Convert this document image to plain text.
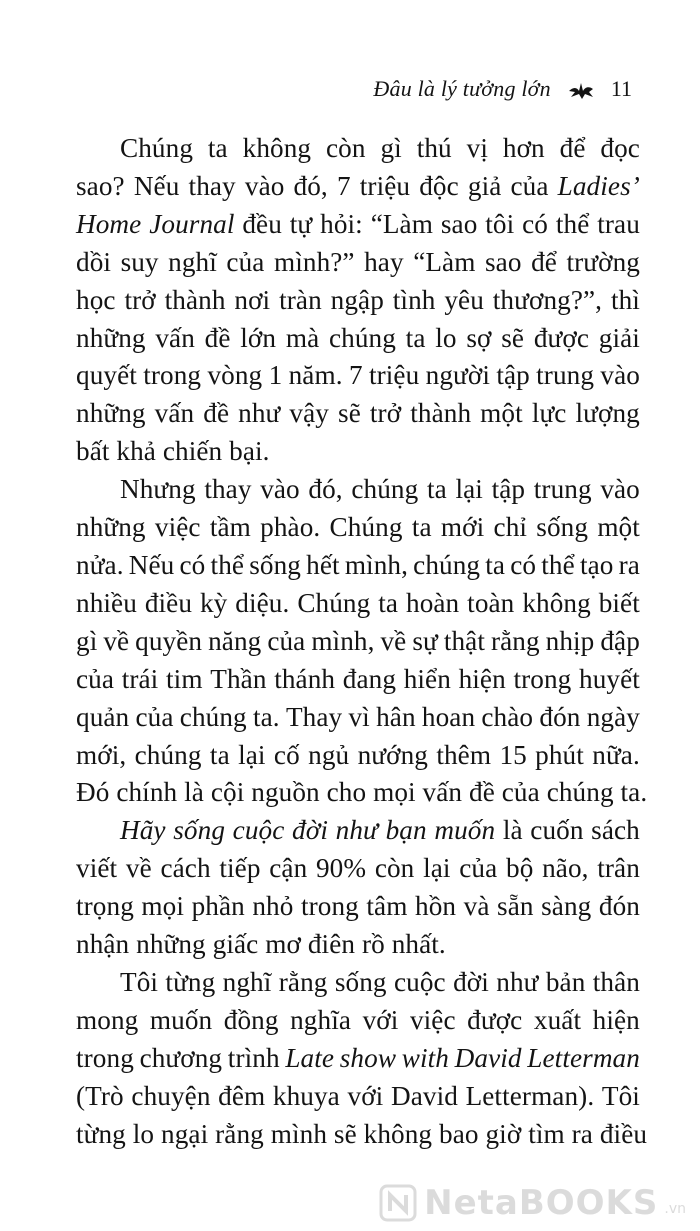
Đâu là lý tưởng lớn	11
Chúng ta không còn gì thú vị hơn để đọc
sao? Nếu thay vào đó, 7 triệu độc giả của Ladies’
Home Journal đều tự hỏi: “Làm sao tôi có thể trau
dồi suy nghĩ của mình?” hay “Làm sao để trường
học trở thành nơi tràn ngập tình yêu thương?”, thì
những vấn đề lớn mà chúng ta lo sợ sẽ được giải
quyết trong vòng 1 năm. 7 triệu người tập trung vào
những vấn đề như vậy sẽ trở thành một lực lượng
bất khả chiến bại.
Nhưng thay vào đó, chúng ta lại tập trung vào
những việc tầm phào. Chúng ta mới chỉ sống một
nửa. Nếu có thể sống hết mình, chúng ta có thể tạo ra
nhiều điều kỳ diệu. Chúng ta hoàn toàn không biết
gì về quyền năng của mình, về sự thật rằng nhịp đập
của trái tim Thần thánh đang hiển hiện trong huyết
quản của chúng ta. Thay vì hân hoan chào đón ngày
mới, chúng ta lại cố ngủ nướng thêm 15 phút nữa.
Đó chính là cội nguồn cho mọi vấn đề của chúng ta.
Hãy sống cuộc đời như bạn muốn là cuốn sách
viết về cách tiếp cận 90% còn lại của bộ não, trân
trọng mọi phần nhỏ trong tâm hồn và sẵn sàng đón
nhận những giấc mơ điên rồ nhất.
Tôi từng nghĩ rằng sống cuộc đời như bản thân
mong muốn đồng nghĩa với việc được xuất hiện
trong chương trình Late show with David Letterman
(Trò chuyện đêm khuya với David Letterman). Tôi
từng lo ngại rằng mình sẽ không bao giờ tìm ra điều
NetaBOOKS .vn
